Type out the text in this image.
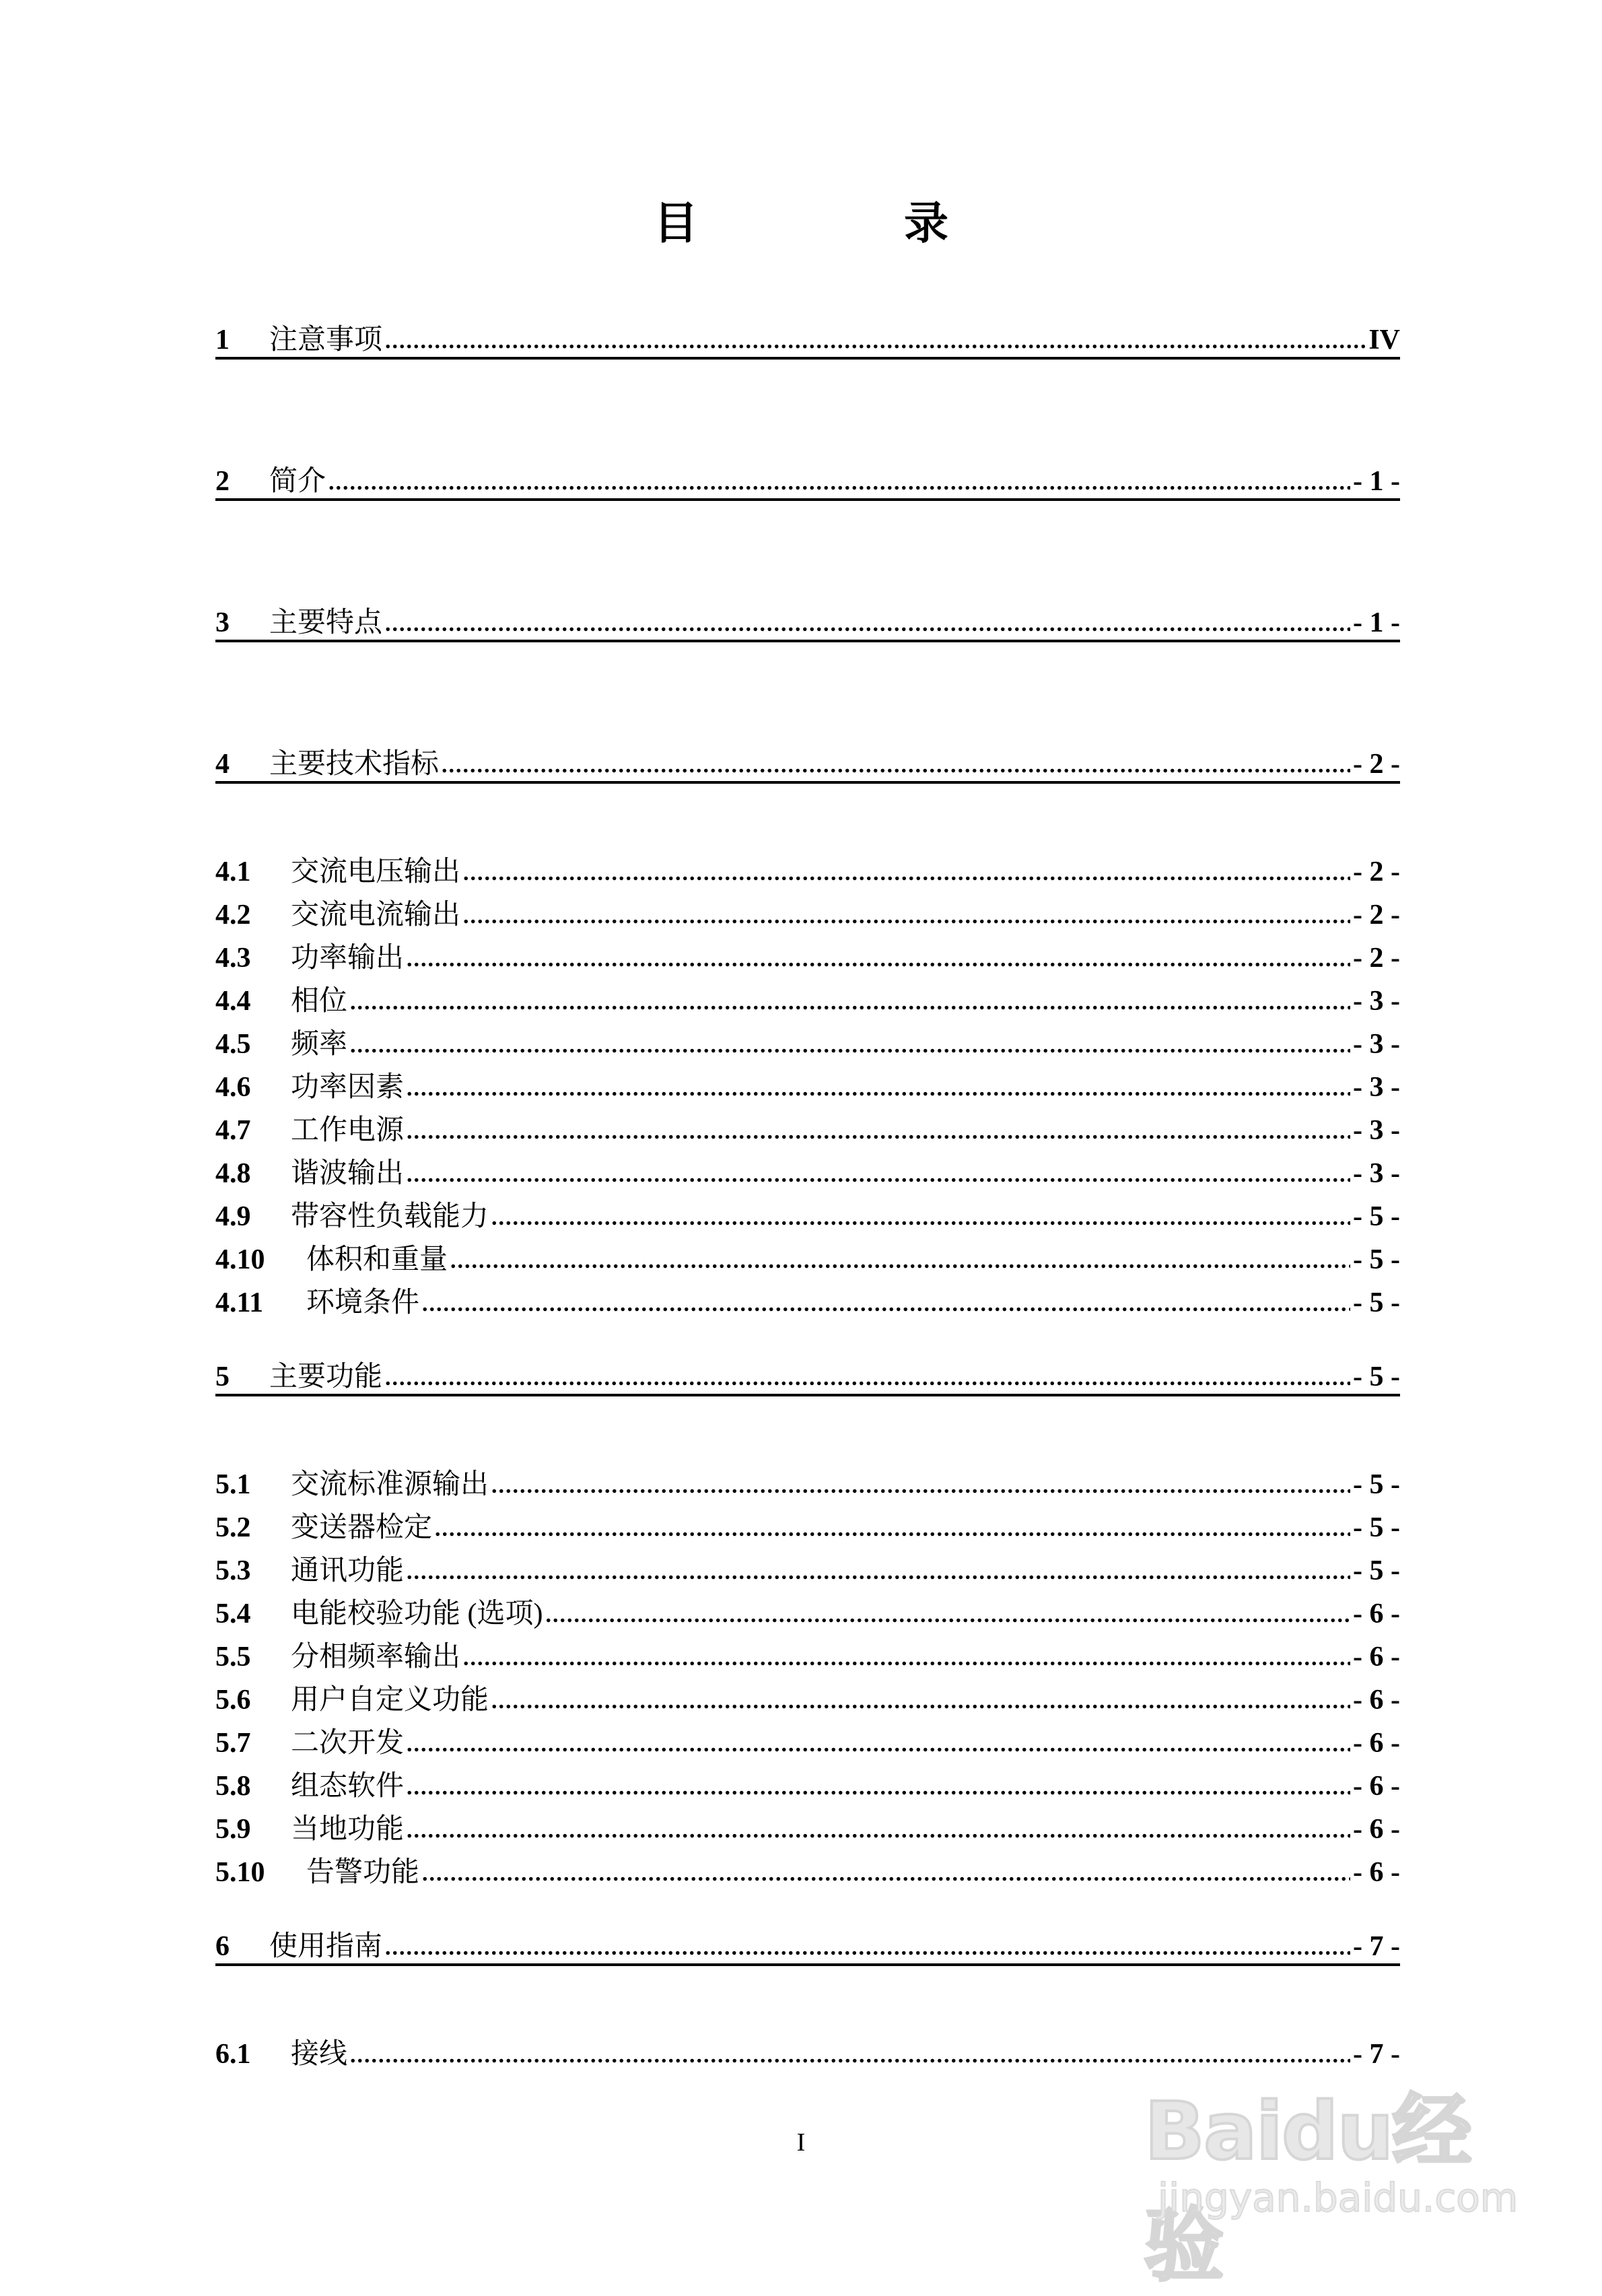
目　录
1	注意事项 .....	IV
2	简介 .....	- 1 -
3	主要特点 .....	- 1 -
4	主要技术指标 .....	- 2 -
4.1	交流电压输出 .....	- 2 -
4.2	交流电流输出 .....	- 2 -
4.3	功率输出 .....	- 2 -
4.4	相位 .....	- 3 -
4.5	频率 .....	- 3 -
4.6	功率因素 .....	- 3 -
4.7	工作电源 .....	- 3 -
4.8	谐波输出 .....	- 3 -
4.9	带容性负载能力 .....	- 5 -
4.10	体积和重量 .....	- 5 -
4.11	环境条件 .....	- 5 -
5	主要功能 .....	- 5 -
5.1	交流标准源输出 .....	- 5 -
5.2	变送器检定 .....	- 5 -
5.3	通讯功能 .....	- 5 -
5.4	电能校验功能 (选项) .....	- 6 -
5.5	分相频率输出 .....	- 6 -
5.6	用户自定义功能 .....	- 6 -
5.7	二次开发 .....	- 6 -
5.8	组态软件 .....	- 6 -
5.9	当地功能 .....	- 6 -
5.10	告警功能 .....	- 6 -
6	使用指南 .....	- 7 -
6.1	接线 .....	- 7 -
I	Baidu经验
jingyan.baidu.com
